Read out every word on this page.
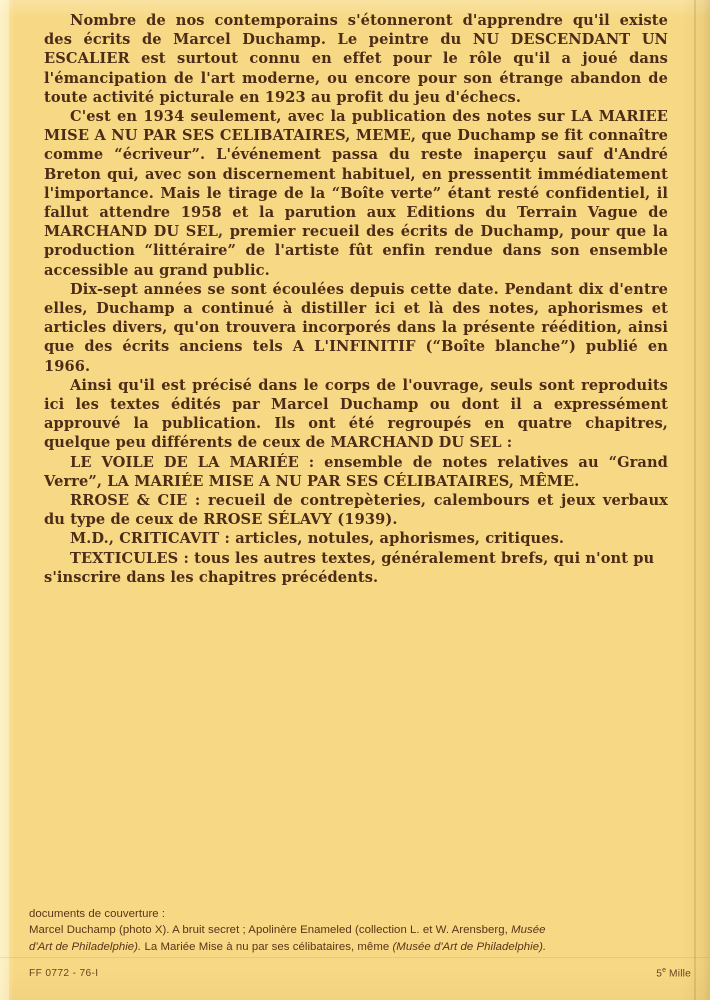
Nombre de nos contemporains s'étonneront d'apprendre qu'il existe des écrits de Marcel Duchamp. Le peintre du NU DESCENDANT UN ESCALIER est surtout connu en effet pour le rôle qu'il a joué dans l'émancipation de l'art moderne, ou encore pour son étrange abandon de toute activité picturale en 1923 au profit du jeu d'échecs.

C'est en 1934 seulement, avec la publication des notes sur LA MARIEE MISE A NU PAR SES CELIBATAIRES, MEME, que Duchamp se fit connaître comme “écriveur”. L'événement passa du reste inaperçu sauf d'André Breton qui, avec son discernement habituel, en pressentit immédiatement l'importance. Mais le tirage de la “Boîte verte” étant resté confidentiel, il fallut attendre 1958 et la parution aux Editions du Terrain Vague de MARCHAND DU SEL, premier recueil des écrits de Duchamp, pour que la production “littéraire” de l'artiste fût enfin rendue dans son ensemble accessible au grand public.

Dix-sept années se sont écoulées depuis cette date. Pendant dix d'entre elles, Duchamp a continué à distiller ici et là des notes, aphorismes et articles divers, qu'on trouvera incorporés dans la présente réédition, ainsi que des écrits anciens tels A L'INFINITIF (“Boîte blanche”) publié en 1966.

Ainsi qu'il est précisé dans le corps de l'ouvrage, seuls sont reproduits ici les textes édités par Marcel Duchamp ou dont il a expressément approuvé la publication. Ils ont été regroupés en quatre chapitres, quelque peu différents de ceux de MARCHAND DU SEL :

LE VOILE DE LA MARIÉE : ensemble de notes relatives au “Grand Verre”, LA MARIÉE MISE A NU PAR SES CÉLIBATAIRES, MÊME.

RROSE & CIE : recueil de contrepèteries, calembours et jeux verbaux du type de ceux de RROSE SÉLAVY (1939).

M.D., CRITICAVIT : articles, notules, aphorismes, critiques.

TEXTICULES : tous les autres textes, généralement brefs, qui n'ont pu s'inscrire dans les chapitres précédents.

documents de couverture :
Marcel Duchamp (photo X). A bruit secret ; Apolinère Enameled (collection L. et W. Arensberg, Musée
d'Art de Philadelphie). La Mariée Mise à nu par ses célibataires, même (Musée d'Art de Philadelphie).
FF 0772 - 76-I	5e Mille
